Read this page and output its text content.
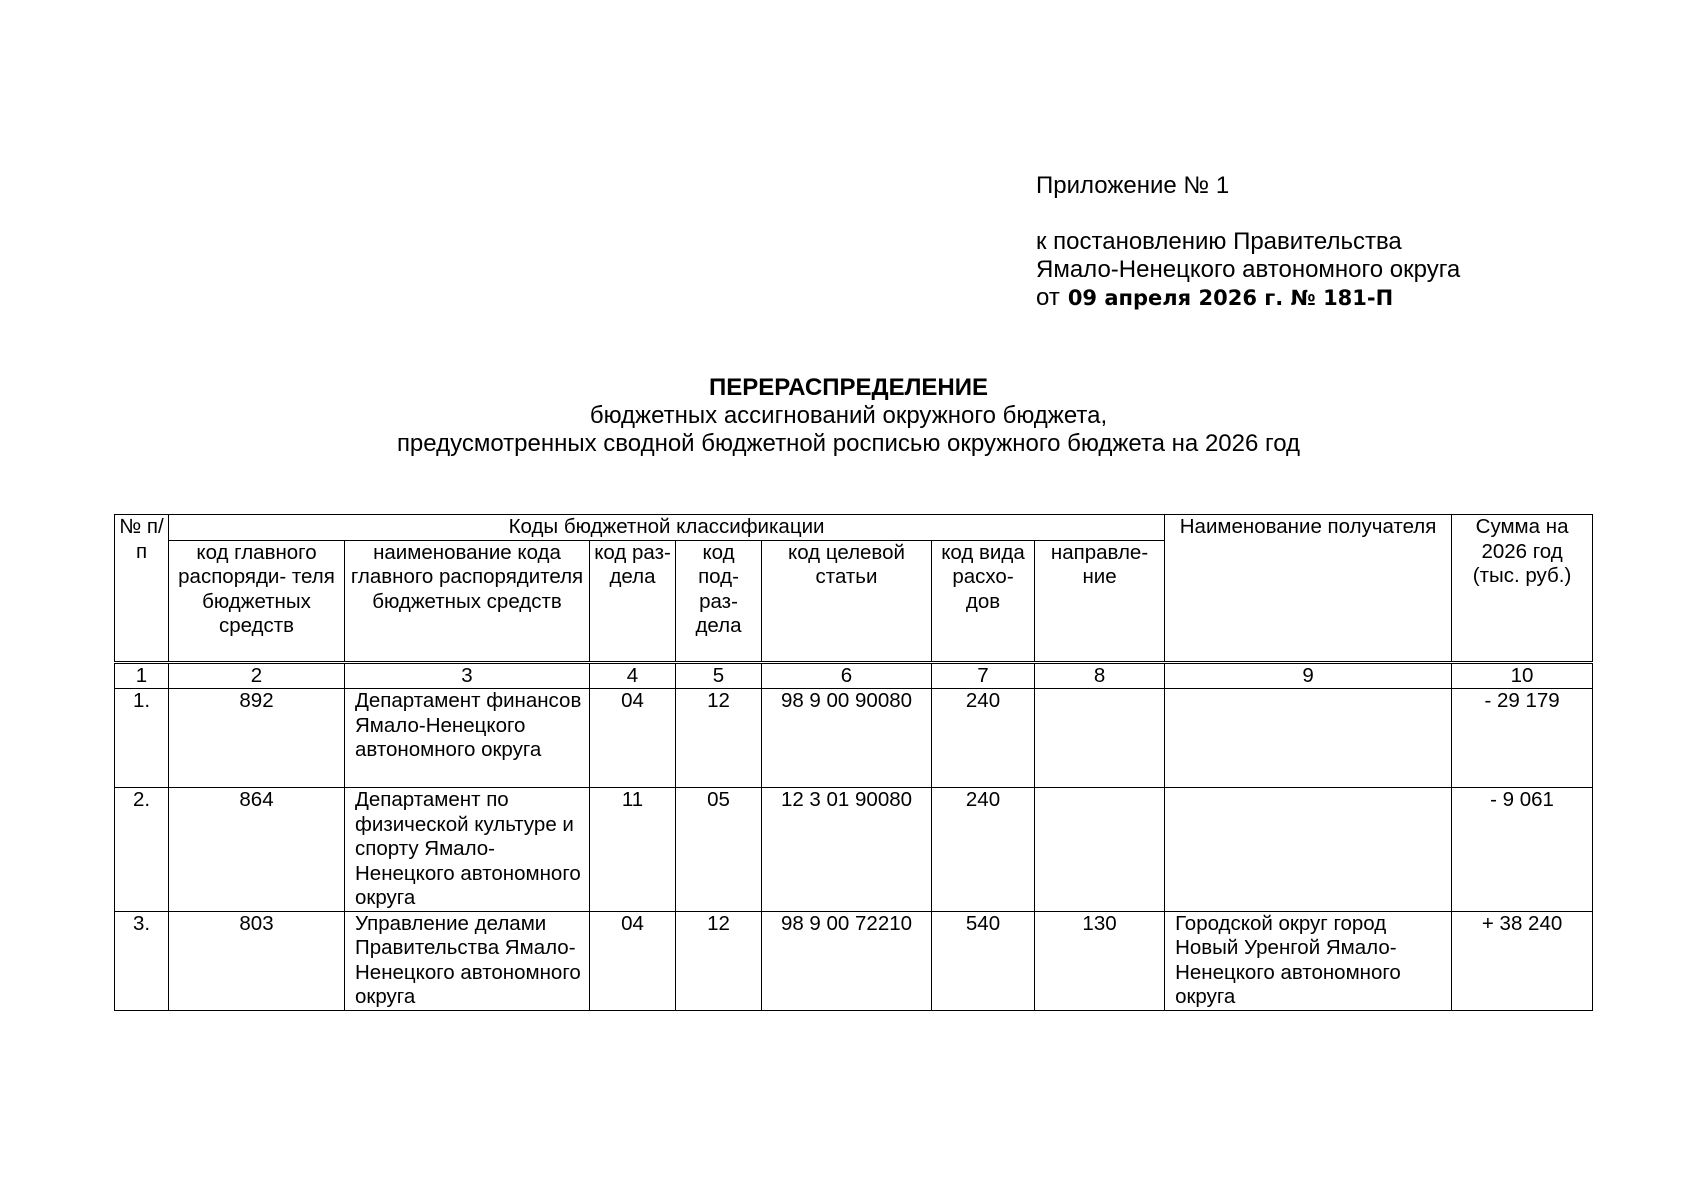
Приложение № 1
к постановлению Правительства
Ямало-Ненецкого автономного округа
от 09 апреля 2026 г. № 181-П
ПЕРЕРАСПРЕДЕЛЕНИЕ
бюджетных ассигнований окружного бюджета,
предусмотренных сводной бюджетной росписью окружного бюджета на 2026 год
№ п/п	Коды бюджетной классификации							Наименование получателя	Сумма на 2026 год (тыс. руб.)
	код главного распоряди- теля бюджетных средств	наименование кода главного распорядителя бюджетных средств	код раз- дела	код под- раз- дела	код целевой статьи	код вида расхо- дов	направле- ние		
1	2	3	4	5	6	7	8	9	10
1.	892	Департамент финансов Ямало-Ненецкого автономного округа	04	12	98 9 00 90080	240			- 29 179
2.	864	Департамент по физической культуре и спорту Ямало-Ненецкого автономного округа	11	05	12 3 01 90080	240			- 9 061
3.	803	Управление делами Правительства Ямало-Ненецкого автономного округа	04	12	98 9 00 72210	540	130	Городской округ город Новый Уренгой Ямало-Ненецкого автономного округа	+ 38 240
